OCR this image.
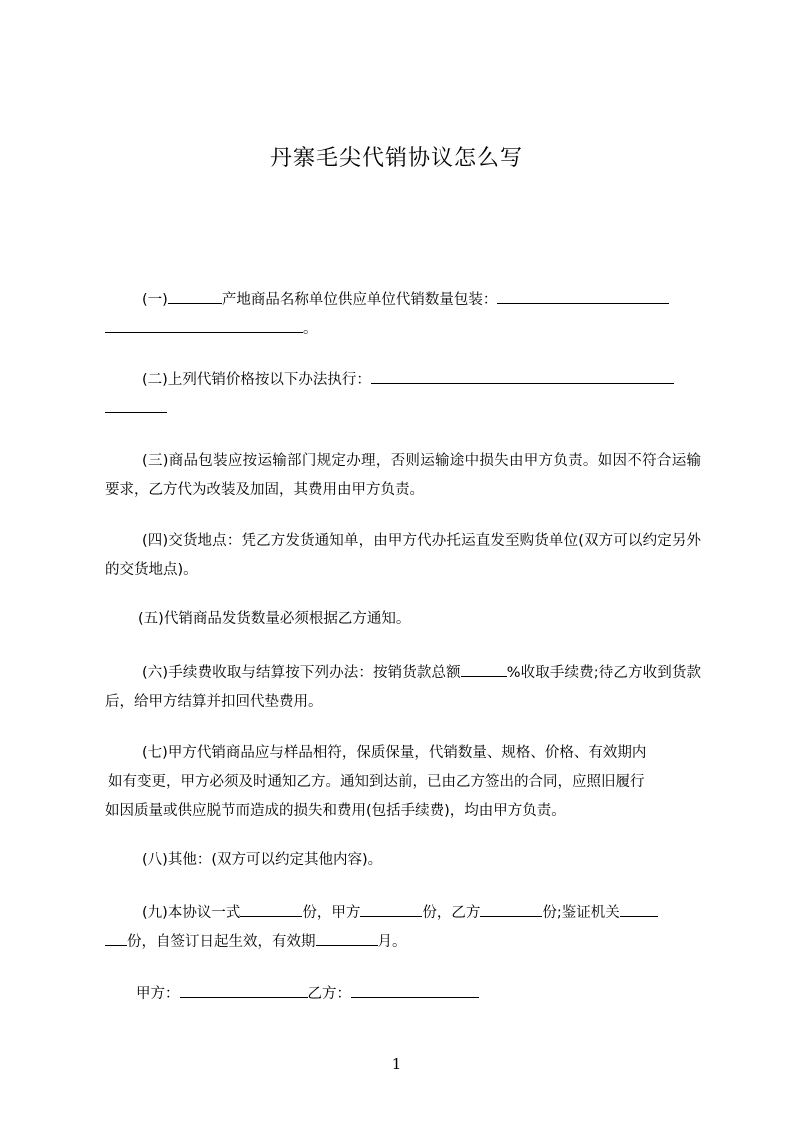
丹寨毛尖代销协议怎么写
(一)	产地商品名称单位供应单位代销数量包装：
。
(二)上列代销价格按以下办法执行：

(三)商品包装应按运输部门规定办理，否则运输途中损失由甲方负责。如因不符合运输要求，乙方代为改装及加固，其费用由甲方负责。
(四)交货地点：凭乙方发货通知单，由甲方代办托运直发至购货单位(双方可以约定另外的交货地点)。
(五)代销商品发货数量必须根据乙方通知。
(六)手续费收取与结算按下列办法：按销货款总额	%收取手续费;待乙方收到货款后，给甲方结算并扣回代垫费用。
(七)甲方代销商品应与样品相符，保质保量，代销数量、规格、价格、有效期内
如有变更，甲方必须及时通知乙方。通知到达前，已由乙方签出的合同，应照旧履行
如因质量或供应脱节而造成的损失和费用(包括手续费)，均由甲方负责。
(八)其他：(双方可以约定其他内容)。
(九)本协议一式	份，甲方	份，乙方	份;鉴证机关
份，自签订日起生效，有效期	月。
甲方：	乙方：
1
